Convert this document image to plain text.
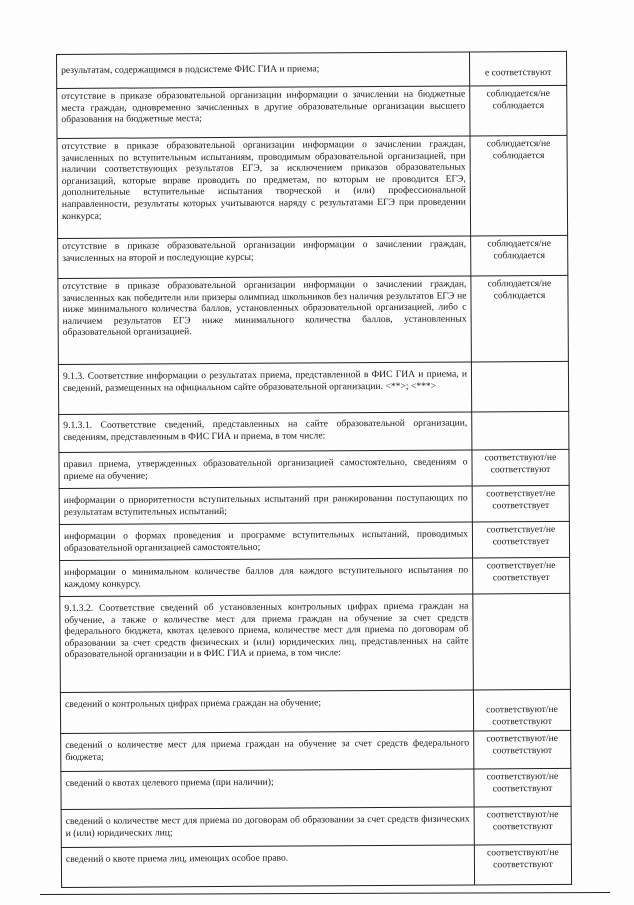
результатам, содержащимся в подсистеме ФИС ГИА и приема;	е соответствуют
отсутствие в приказе образовательной организации информации о зачислении на бюджетные места граждан, одновременно зачисленных в другие образовательные организации высшего образования на бюджетные места;	соблюдается/не соблюдается
отсутствие в приказе образовательной организации информации о зачислении граждан, зачисленных по вступительным испытаниям, проводимым образовательной организацией, при наличии соответствующих результатов ЕГЭ, за исключением приказов образовательных организаций, которые вправе проводить по предметам, по которым не проводится ЕГЭ, дополнительные вступительные испытания творческой и (или) профессиональной направленности, результаты которых учитываются наряду с результатами ЕГЭ при проведении конкурса;	соблюдается/не соблюдается
отсутствие в приказе образовательной организации информации о зачислении граждан, зачисленных на второй и последующие курсы;	соблюдается/не соблюдается
отсутствие в приказе образовательной организации информации о зачислении граждан, зачисленных как победители или призеры олимпиад школьников без наличия результатов ЕГЭ не ниже минимального количества баллов, установленных образовательной организацией, либо с наличием результатов ЕГЭ ниже минимального количества баллов, установленных образовательной организацией.	соблюдается/не соблюдается
9.1.3. Соответствие информации о результатах приема, представленной в ФИС ГИА и приема, и сведений, размещенных на официальном сайте образовательной организации. <**>; <***>	
9.1.3.1. Соответствие сведений, представленных на сайте образовательной организации, сведениям, представленным в ФИС ГИА и приема, в том числе:	
правил приема, утвержденных образовательной организацией самостоятельно, сведениям о приеме на обучение;	соответствуют/не соответствуют
информации о приоритетности вступительных испытаний при ранжировании поступающих по результатам вступительных испытаний;	соответствует/не соответствует
информации о формах проведения и программе вступительных испытаний, проводимых образовательной организацией самостоятельно;	соответствует/не соответствует
информации о минимальном количестве баллов для каждого вступительного испытания по каждому конкурсу.	соответствует/не соответствует
9.1.3.2. Соответствие сведений об установленных контрольных цифрах приема граждан на обучение, а также о количестве мест для приема граждан на обучение за счет средств федерального бюджета, квотах целевого приема, количестве мест для приема по договорам об образовании за счет средств физических и (или) юридических лиц, представленных на сайте образовательной организации и в ФИС ГИА и приема, в том числе:	
сведений о контрольных цифрах приема граждан на обучение;	соответствуют/не соответствуют
сведений о количестве мест для приема граждан на обучение за счет средств федерального бюджета;	соответствуют/не соответствуют
сведений о квотах целевого приема (при наличии);	соответствуют/не соответствуют
сведений о количестве мест для приема по договорам об образовании за счет средств физических и (или) юридических лиц;	соответствуют/не соответствуют
сведений о квоте приема лиц, имеющих особое право.	соответствуют/не соответствуют
